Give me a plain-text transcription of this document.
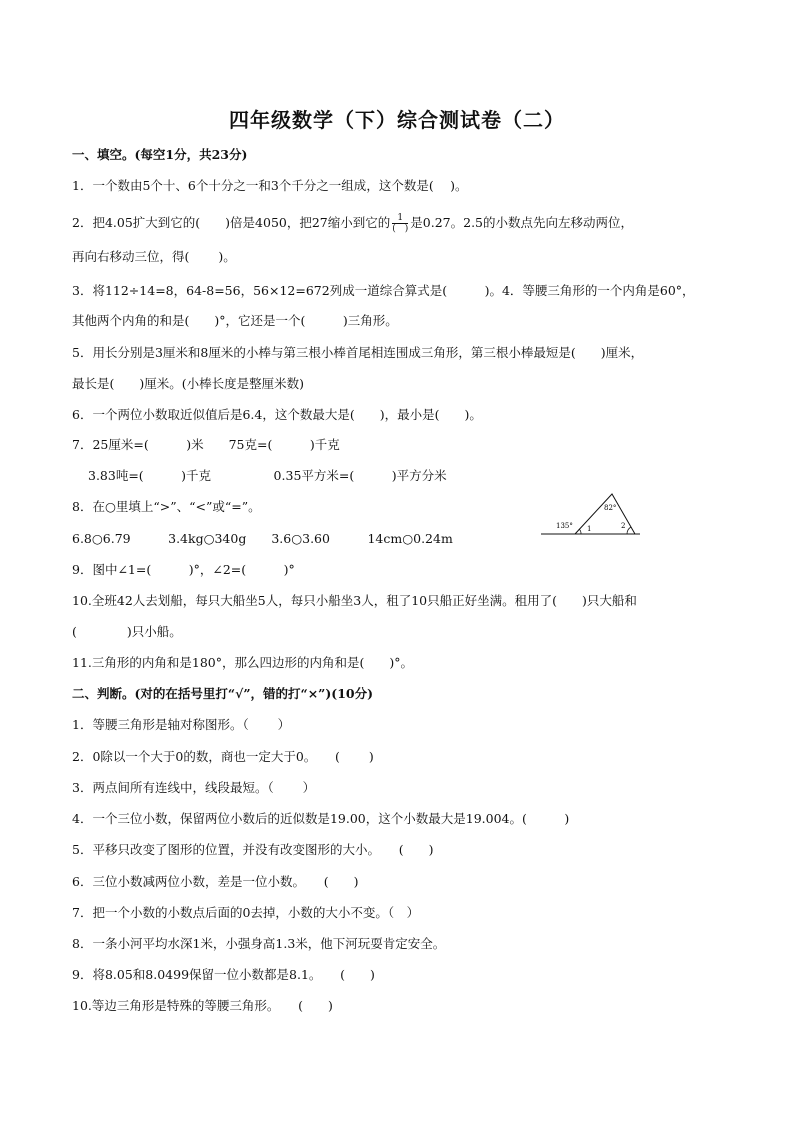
四年级数学（下）综合测试卷（二）
一、填空。(每空1分，共23分)
1．一个数由5个十、6个十分之一和3个千分之一组成，这个数是(　 )。
2．把4.05扩大到它的(　　)倍是4050，把27缩小到它的 $\frac{1}{( )}$ 是0.27。2.5的小数点先向左移动两位，
再向右移动三位，得(　　 )。
3．将112÷14=8，64-8=56，56×12=672列成一道综合算式是(　　　)。4．等腰三角形的一个内角是60°，
其他两个内角的和是(　　)°，它还是一个(　　　)三角形。
5．用长分别是3厘米和8厘米的小棒与第三根小棒首尾相连围成三角形，第三根小棒最短是(　　)厘米，
最长是(　　)厘米。(小棒长度是整厘米数)
6．一个两位小数取近似值后是6.4，这个数最大是(　　)，最小是(　　)。
7．25厘米=(　　　)米　　75克=(　　　)千克
3.83吨=(　　　)千克　　　　　0.35平方米=(　　　)平方分米
8．在○里填上“>”、“<”或“=”。
6.8○6.79　　　3.4kg○340g　　3.6○3.60　　　14cm○0.24m
9．图中∠1=(　　　)°，∠2=(　　　)°
82°
135° 1	2
10.全班42人去划船，每只大船坐5人，每只小船坐3人，租了10只船正好坐满。租用了(　　)只大船和
(　　　　)只小船。
11.三角形的内角和是180°，那么四边形的内角和是(　　)°。
二、判断。(对的在括号里打“√”，错的打“×”)(10分)
1．等腰三角形是轴对称图形。（　　 ）
2．0除以一个大于0的数，商也一定大于0。　　(　　 )
3．两点间所有连线中，线段最短。（　　 ）
4．一个三位小数，保留两位小数后的近似数是19.00，这个小数最大是19.004。(　　　)
5．平移只改变了图形的位置，并没有改变图形的大小。　　(　　)
6．三位小数减两位小数，差是一位小数。　　(　　)
7．把一个小数的小数点后面的0去掉，小数的大小不变。（　）
8．一条小河平均水深1米，小强身高1.3米，他下河玩耍肯定安全。
9．将8.05和8.0499保留一位小数都是8.1。　　(　　)
10.等边三角形是特殊的等腰三角形。　　(　　)
